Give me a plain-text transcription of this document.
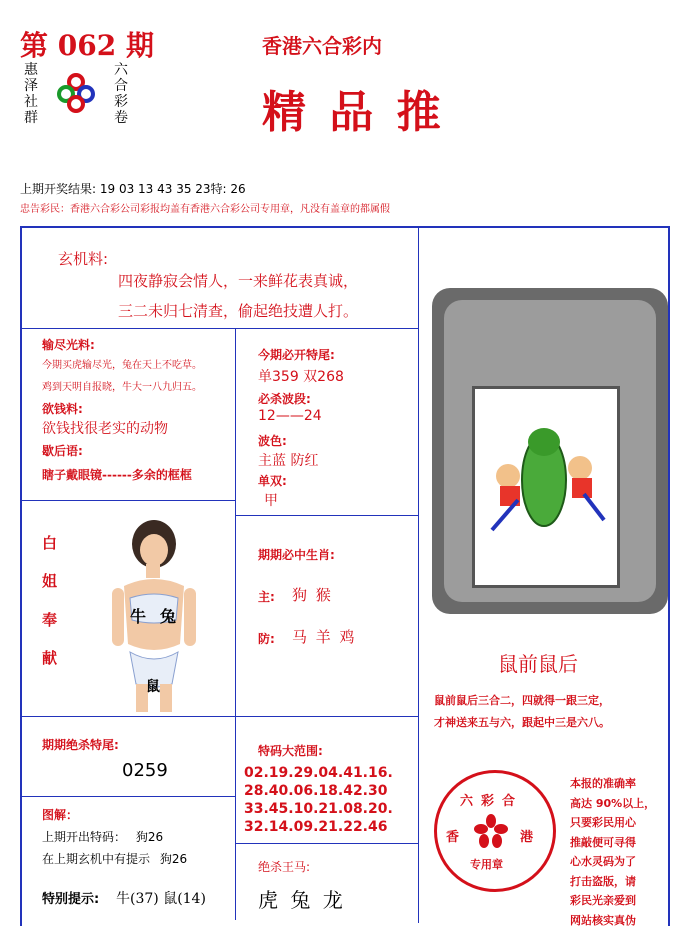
第 062 期
惠
泽
社
群
六
合
彩
卷
香港六合彩内
精 品 推
上期开奖结果: 19 03 13 43 35 23特: 26
忠告彩民：香港六合彩公司彩报均盖有香港六合彩公司专用章，凡没有盖章的都属假
玄机料:
四夜静寂会情人，一来鲜花表真诚，
三二未归七清查，偷起绝技遭人打。
输尽光料:
今期买虎输尽光，兔在天上不吃草。
鸡到天明自报晓，牛大一八九归五。
欲钱料:
欲钱找很老实的动物
歇后语:
瞎子戴眼镜------多余的框框
今期必开特尾:
单359 双268
必杀波段:
12——24
波色:
主蓝 防红
单双:
甲
白
姐
奉
献
牛 兔
鼠
期期必中生肖:
主: 狗 猴
防: 马 羊 鸡
鼠前鼠后
鼠前鼠后三合二，四就得一跟三定，
才神送来五与六，跟起中三是六八。
期期绝杀特尾:
0259
特码大范围:
02.19.29.04.41.16.
28.40.06.18.42.30
33.45.10.21.08.20.
32.14.09.21.22.46
图解：
上期开出特码： 狗26
在上期玄机中有提示 狗26
特别提示: 牛(37) 鼠(14)
绝杀王马:
虎 兔 龙
六彩合
香	港
专用章
本报的准确率
高达 90%以上，
只要彩民用心
推敲便可寻得
心水灵码为了
打击盗版，请
彩民光亲爱到
网站核实真伪
